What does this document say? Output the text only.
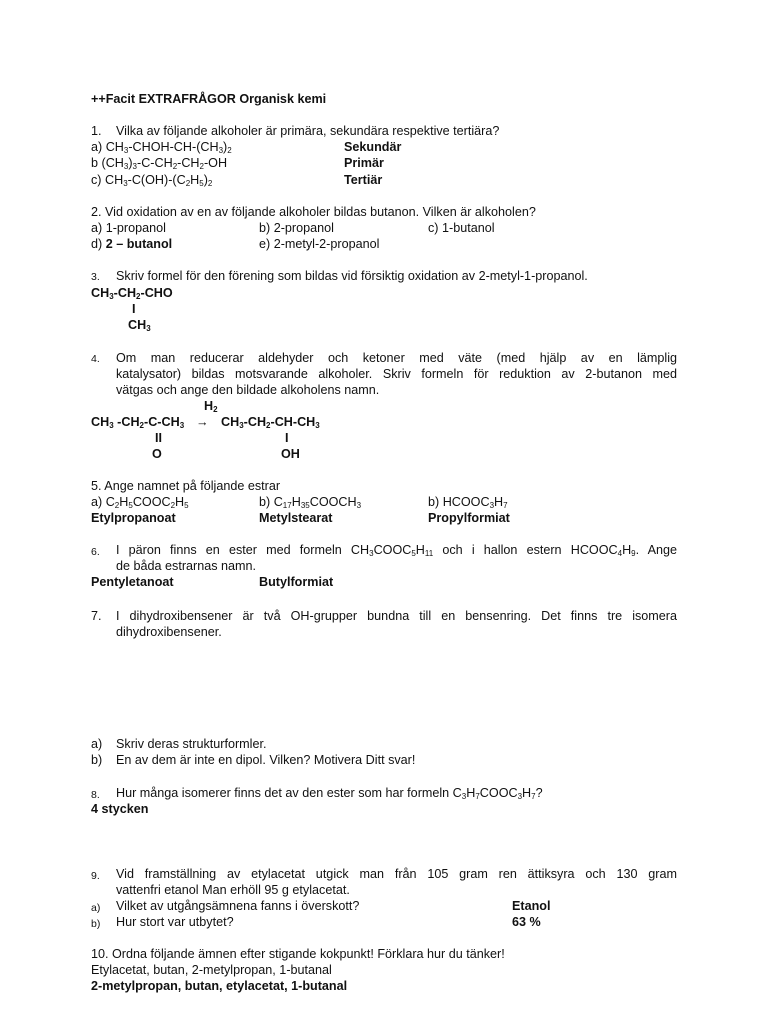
++Facit EXTRAFRÅGOR Organisk kemi
1. Vilka av följande alkoholer är primära, sekundära respektive tertiära?
a) $CH_3-CHOH-CH-(CH_3)_2$	Sekundär
b $(CH_3)_3-C-CH_2-CH_2-OH$	Primär
c) $CH_3-C(OH)-(C_2H_5)_2$	Tertiär
2. Vid oxidation av en av följande alkoholer bildas butanon. Vilken är alkoholen?
a) 1-propanol	b) 2-propanol	c) 1-butanol
d) 2 – butanol	e) 2-metyl-2-propanol
3. Skriv formel för den förening som bildas vid försiktig oxidation av 2-metyl-1-propanol.
$CH_3-CH_2$-CHO
I
$CH_3$
4. Om man reducerar aldehyder och ketoner med väte (med hjälp av en lämplig
katalysator) bildas motsvarande alkoholer. Skriv formeln för reduktion av 2-butanon med
vätgas och ange den bildade alkoholens namn.
$H_2$
$CH_3$ $-CH_2-C-CH_3 \to CH_3-CH_2-CH-CH_3$
II	I
O	OH
5. Ange namnet på följande estrar
a) $C_2H_5COOC_2H_5$	b) $C_{17}H_{35}COOCH_3$	b) $HCOOC_3H_7$
Etylpropanoat	Metylstearat	Propylformiat
6. I päron finns en ester med formeln $CH_3COOC_5H_{11}$ och i hallon estern $HCOOC_4H_9$. Ange
de båda estrarnas namn.
Pentyletanoat	Butylformiat
7. I dihydroxibensener är två OH-grupper bundna till en bensenring. Det finns tre isomera
dihydroxibensener.
a) Skriv deras strukturformler.
b) En av dem är inte en dipol. Vilken? Motivera Ditt svar!
8. Hur många isomerer finns det av den ester som har formeln $C_3H_7COOC_3H_7$?
4 stycken
9. Vid framställning av etylacetat utgick man från 105 gram ren ättiksyra och 130 gram
vattenfri etanol Man erhöll 95 g etylacetat.
a) Vilket av utgångsämnena fanns i överskott?	Etanol
b) Hur stort var utbytet?	63 %
10. Ordna följande ämnen efter stigande kokpunkt! Förklara hur du tänker!
Etylacetat, butan, 2-metylpropan, 1-butanal
2-metylpropan, butan, etylacetat, 1-butanal
